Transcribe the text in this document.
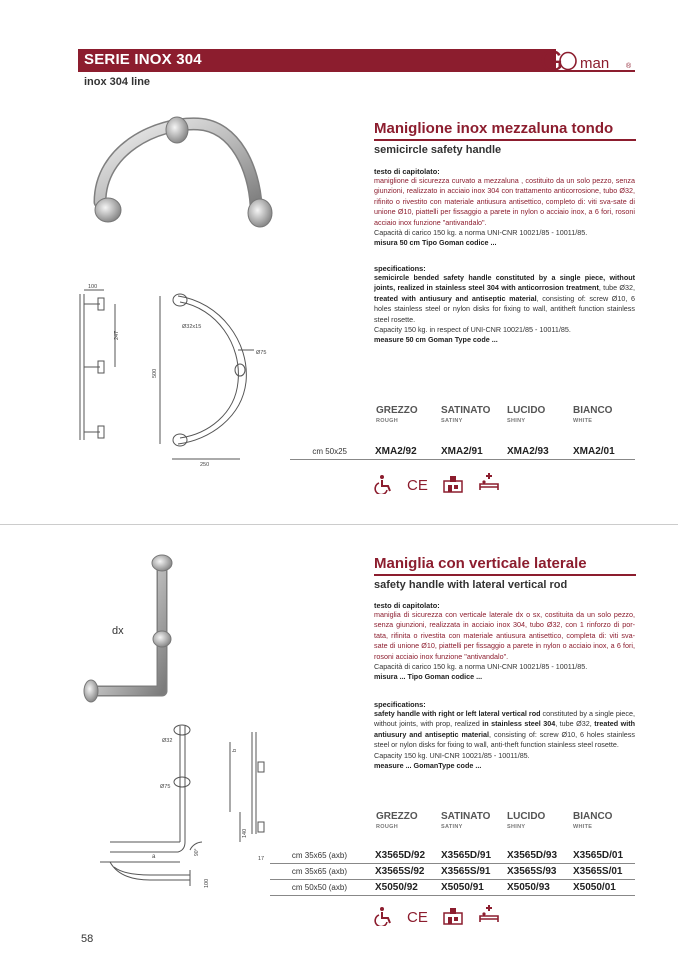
SERIE INOX 304
inox 304 line
G man ®
100
247
500
250
Ø32x15
Ø75
Maniglione inox mezzaluna tondo
semicircle safety handle
testo di capitolato:
maniglione di sicurezza curvato a mezzaluna , costituito da un solo pezzo, senza giunzioni, realizzato in acciaio inox 304 con trattamento anticorrosione, tubo Ø32, rifinito o rivestito con materiale antiusura antisettico, completo di: viti sva-sate di unione Ø10, piattelli per fissaggio a parete in nylon o acciaio inox, a 6 fori, rosoni acciaio inox funzione "antivandalo".
Capacità di carico 150 kg. a norma UNI-CNR 10021/85 - 10011/85.
misura 50 cm Tipo Goman codice ...
specifications:
semicircle bended safety handle constituted by a single piece, without joints, realized in stainless steel 304 with anticorrosion treatment, tube Ø32, treated with antiusury and antiseptic material, consisting of: screw Ø10, 6 holes stainless steel or nylon disks for fixing to wall, antitheft function stainless steel rosette.
Capacity 150 kg. in respect of UNI-CNR 10021/85 - 10011/85.
measure 50 cm Goman Type code ...
GREZZO
ROUGH
SATINATO
SATINY
LUCIDO
SHINY
BIANCO
WHITE
cm 50x25	XMA2/92 XMA2/91 XMA2/93 XMA2/01
CE
dx
Ø32
Ø75
b
a
140
90°
17
100
Maniglia con verticale laterale
safety handle with lateral vertical rod
testo di capitolato:
maniglia di sicurezza con verticale laterale dx o sx, costituita da un solo pezzo, senza giunzioni, realizzata in acciaio inox 304, tubo Ø32, con 1 rinforzo di por-tata, rifinita o rivestita con materiale antiusura antisettico, completa di: viti sva-sate di unione Ø10, piattelli per fissaggio a parete in nylon o acciaio inox, a 6 fori, rosoni acciaio inox funzione "antivandalo".
Capacità di carico 150 kg. a norma UNI-CNR 10021/85 - 10011/85.
misura ... Tipo Goman codice ...
specifications:
safety handle with right or left lateral vertical rod constituted by a single piece, without joints, with prop, realized in stainless steel 304, tube Ø32, treated with antiusury and antiseptic material, consisting of: screw Ø10, 6 holes stainless steel or nylon disks for fixing to wall, anti-theft function stainless steel rosette.
Capacity 150 kg. UNI-CNR 10021/85 - 10011/85.
measure ... GomanType code ...
GREZZO
ROUGH
SATINATO
SATINY
LUCIDO
SHINY
BIANCO
WHITE
cm 35x65 (axb)	X3565D/92 X3565D/91 X3565D/93 X3565D/01
cm 35x65 (axb)	X3565S/92 X3565S/91 X3565S/93 X3565S/01
cm 50x50 (axb)	X5050/92 X5050/91 X5050/93 X5050/01
CE
58
